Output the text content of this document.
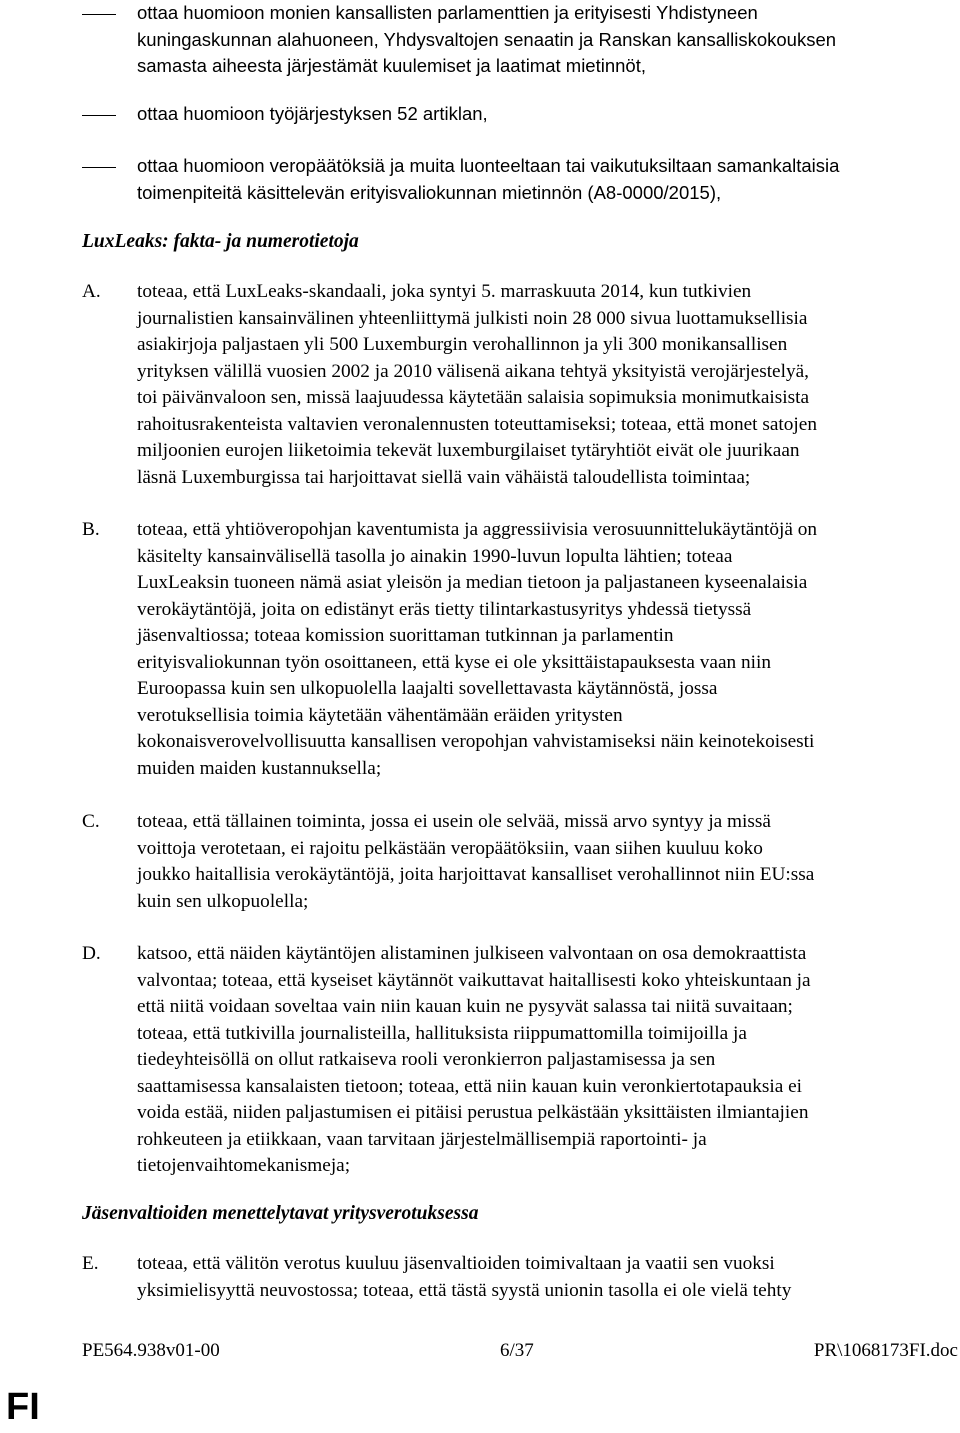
ottaa huomioon monien kansallisten parlamenttien ja erityisesti Yhdistyneen
kuningaskunnan alahuoneen, Yhdysvaltojen senaatin ja Ranskan kansalliskokouksen
samasta aiheesta järjestämät kuulemiset ja laatimat mietinnöt,
ottaa huomioon työjärjestyksen 52 artiklan,
ottaa huomioon veropäätöksiä ja muita luonteeltaan tai vaikutuksiltaan samankaltaisia
toimenpiteitä käsittelevän erityisvaliokunnan mietinnön (A8-0000/2015),
LuxLeaks: fakta- ja numerotietoja
A. toteaa, että LuxLeaks-skandaali, joka syntyi 5. marraskuuta 2014, kun tutkivien
journalistien kansainvälinen yhteenliittymä julkisti noin 28 000 sivua luottamuksellisia
asiakirjoja paljastaen yli 500 Luxemburgin verohallinnon ja yli 300 monikansallisen
yrityksen välillä vuosien 2002 ja 2010 välisenä aikana tehtyä yksityistä verojärjestelyä,
toi päivänvaloon sen, missä laajuudessa käytetään salaisia sopimuksia monimutkaisista
rahoitusrakenteista valtavien veronalennusten toteuttamiseksi; toteaa, että monet satojen
miljoonien eurojen liiketoimia tekevät luxemburgilaiset tytäryhtiöt eivät ole juurikaan
läsnä Luxemburgissa tai harjoittavat siellä vain vähäistä taloudellista toimintaa;
B. toteaa, että yhtiöveropohjan kaventumista ja aggressiivisia verosuunnittelukäytäntöjä on
käsitelty kansainvälisellä tasolla jo ainakin 1990-luvun lopulta lähtien; toteaa
LuxLeaksin tuoneen nämä asiat yleisön ja median tietoon ja paljastaneen kyseenalaisia
verokäytäntöjä, joita on edistänyt eräs tietty tilintarkastusyritys yhdessä tietyssä
jäsenvaltiossa; toteaa komission suorittaman tutkinnan ja parlamentin
erityisvaliokunnan työn osoittaneen, että kyse ei ole yksittäistapauksesta vaan niin
Euroopassa kuin sen ulkopuolella laajalti sovellettavasta käytännöstä, jossa
verotuksellisia toimia käytetään vähentämään eräiden yritysten
kokonaisverovelvollisuutta kansallisen veropohjan vahvistamiseksi näin keinotekoisesti
muiden maiden kustannuksella;
C. toteaa, että tällainen toiminta, jossa ei usein ole selvää, missä arvo syntyy ja missä
voittoja verotetaan, ei rajoitu pelkästään veropäätöksiin, vaan siihen kuuluu koko
joukko haitallisia verokäytäntöjä, joita harjoittavat kansalliset verohallinnot niin EU:ssa
kuin sen ulkopuolella;
D. katsoo, että näiden käytäntöjen alistaminen julkiseen valvontaan on osa demokraattista
valvontaa; toteaa, että kyseiset käytännöt vaikuttavat haitallisesti koko yhteiskuntaan ja
että niitä voidaan soveltaa vain niin kauan kuin ne pysyvät salassa tai niitä suvaitaan;
toteaa, että tutkivilla journalisteilla, hallituksista riippumattomilla toimijoilla ja
tiedeyhteisöllä on ollut ratkaiseva rooli veronkierron paljastamisessa ja sen
saattamisessa kansalaisten tietoon; toteaa, että niin kauan kuin veronkiertotapauksia ei
voida estää, niiden paljastumisen ei pitäisi perustua pelkästään yksittäisten ilmiantajien
rohkeuteen ja etiikkaan, vaan tarvitaan järjestelmällisempiä raportointi- ja
tietojenvaihtomekanismeja;
Jäsenvaltioiden menettelytavat yritysverotuksessa
E. toteaa, että välitön verotus kuuluu jäsenvaltioiden toimivaltaan ja vaatii sen vuoksi
yksimielisyyttä neuvostossa; toteaa, että tästä syystä unionin tasolla ei ole vielä tehty
PE564.938v01-00	6/37	PR\1068173FI.doc
FI
